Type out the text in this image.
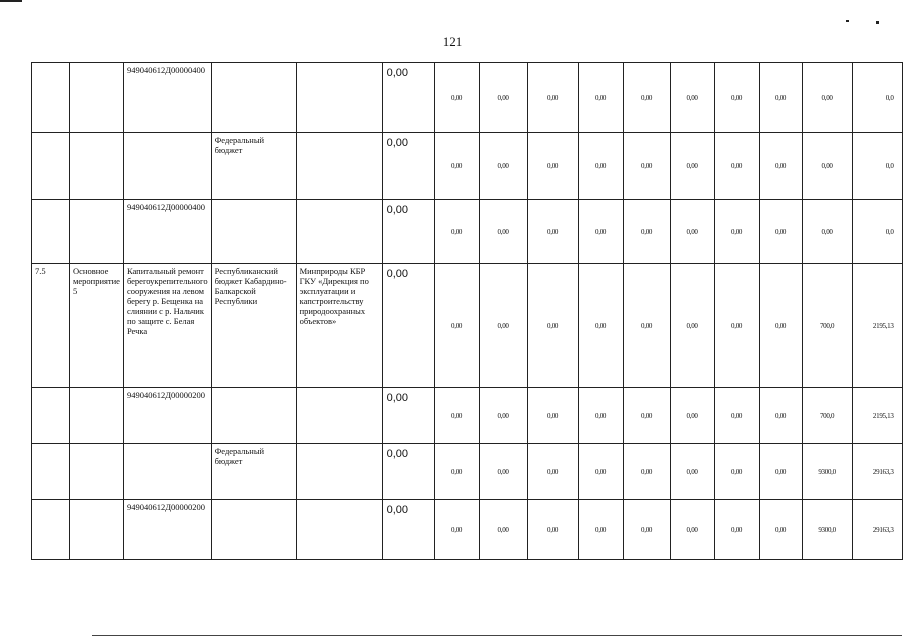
121
		949040612Д00000400			0,00	0,00	0,00	0,00	0,00	0,00	0,00	0,00	0,00	0,00	0,0
			Федеральный бюджет		0,00	0,00	0,00	0,00	0,00	0,00	0,00	0,00	0,00	0,00	0,0
		949040612Д00000400			0,00	0,00	0,00	0,00	0,00	0,00	0,00	0,00	0,00	0,00	0,0
7.5	Основное мероприятие 5	Капитальный ремонт берегоукрепительного сооружения на левом берегу р. Бещенка на слиянии с р. Нальчик по защите с. Белая Речка	Республиканский бюджет Кабардино-Балкарской Республики	Минприроды КБР ГКУ «Дирекция по эксплуатации и капстроительству природоохранных объектов»	0,00	0,00	0,00	0,00	0,00	0,00	0,00	0,00	0,00	700,0	2195,13
		949040612Д00000200			0,00	0,00	0,00	0,00	0,00	0,00	0,00	0,00	0,00	700,0	2195,13
			Федеральный бюджет		0,00	0,00	0,00	0,00	0,00	0,00	0,00	0,00	0,00	9300,0	29163,3
		949040612Д00000200			0,00	0,00	0,00	0,00	0,00	0,00	0,00	0,00	0,00	9300,0	29163,3
